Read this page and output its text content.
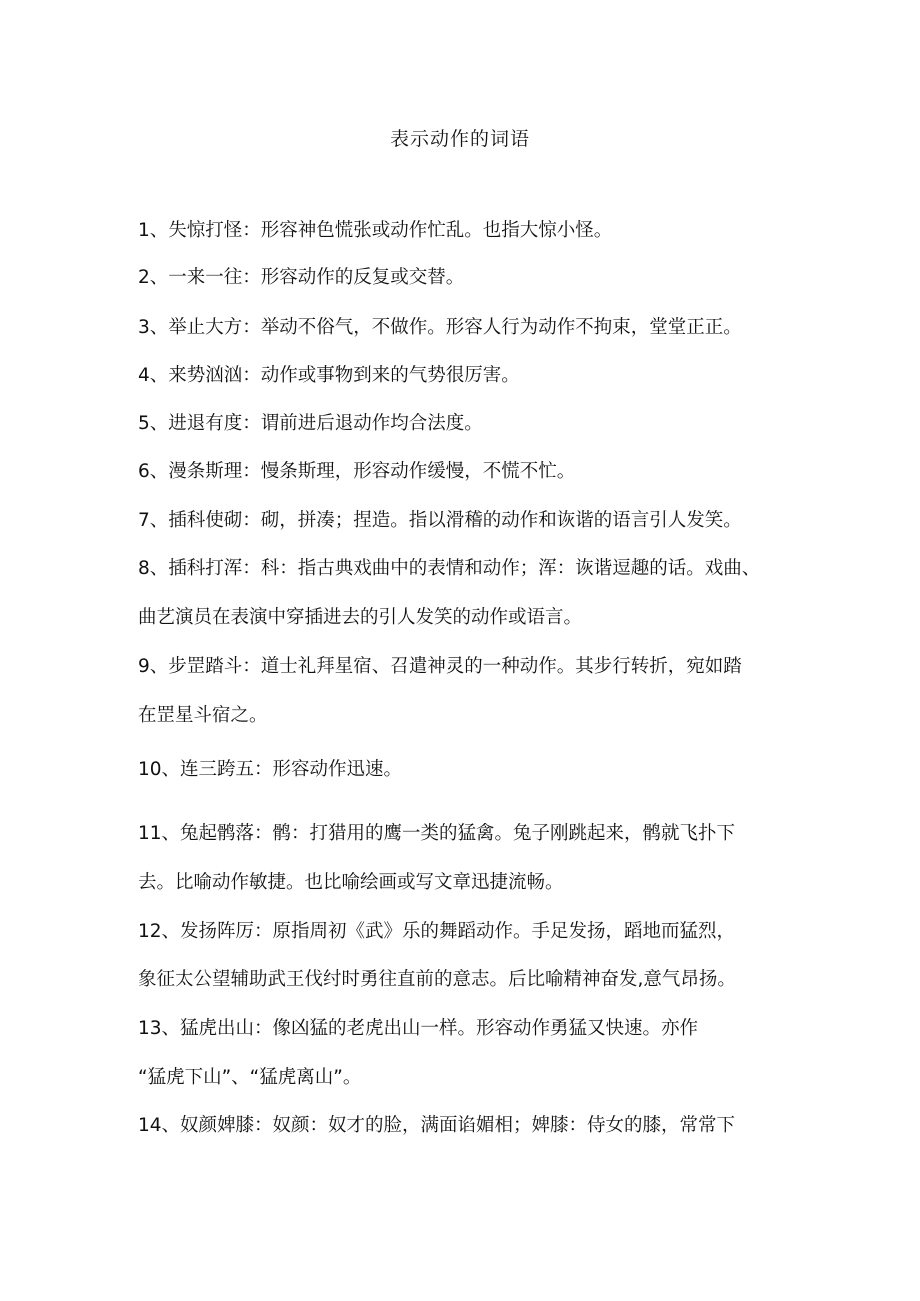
表示动作的词语
1、失惊打怪：形容神色慌张或动作忙乱。也指大惊小怪。
2、一来一往：形容动作的反复或交替。
3、举止大方：举动不俗气，不做作。形容人行为动作不拘束，堂堂正正。
4、来势汹汹：动作或事物到来的气势很厉害。
5、进退有度：谓前进后退动作均合法度。
6、漫条斯理：慢条斯理，形容动作缓慢，不慌不忙。
7、插科使砌：砌，拼凑；捏造。指以滑稽的动作和诙谐的语言引人发笑。
8、插科打浑：科：指古典戏曲中的表情和动作；浑：诙谐逗趣的话。戏曲、
曲艺演员在表演中穿插进去的引人发笑的动作或语言。
9、步罡踏斗：道士礼拜星宿、召遣神灵的一种动作。其步行转折，宛如踏
在罡星斗宿之。
10、连三跨五：形容动作迅速。
11、兔起鹘落：鹘：打猎用的鹰一类的猛禽。兔子刚跳起来，鹘就飞扑下
去。比喻动作敏捷。也比喻绘画或写文章迅捷流畅。
12、发扬阵厉：原指周初《武》乐的舞蹈动作。手足发扬，蹈地而猛烈，
象征太公望辅助武王伐纣时勇往直前的意志。后比喻精神奋发,意气昂扬。
13、猛虎出山：像凶猛的老虎出山一样。形容动作勇猛又快速。亦作
“猛虎下山”、“猛虎离山”。
14、奴颜婢膝：奴颜：奴才的脸，满面谄媚相；婢膝：侍女的膝，常常下
